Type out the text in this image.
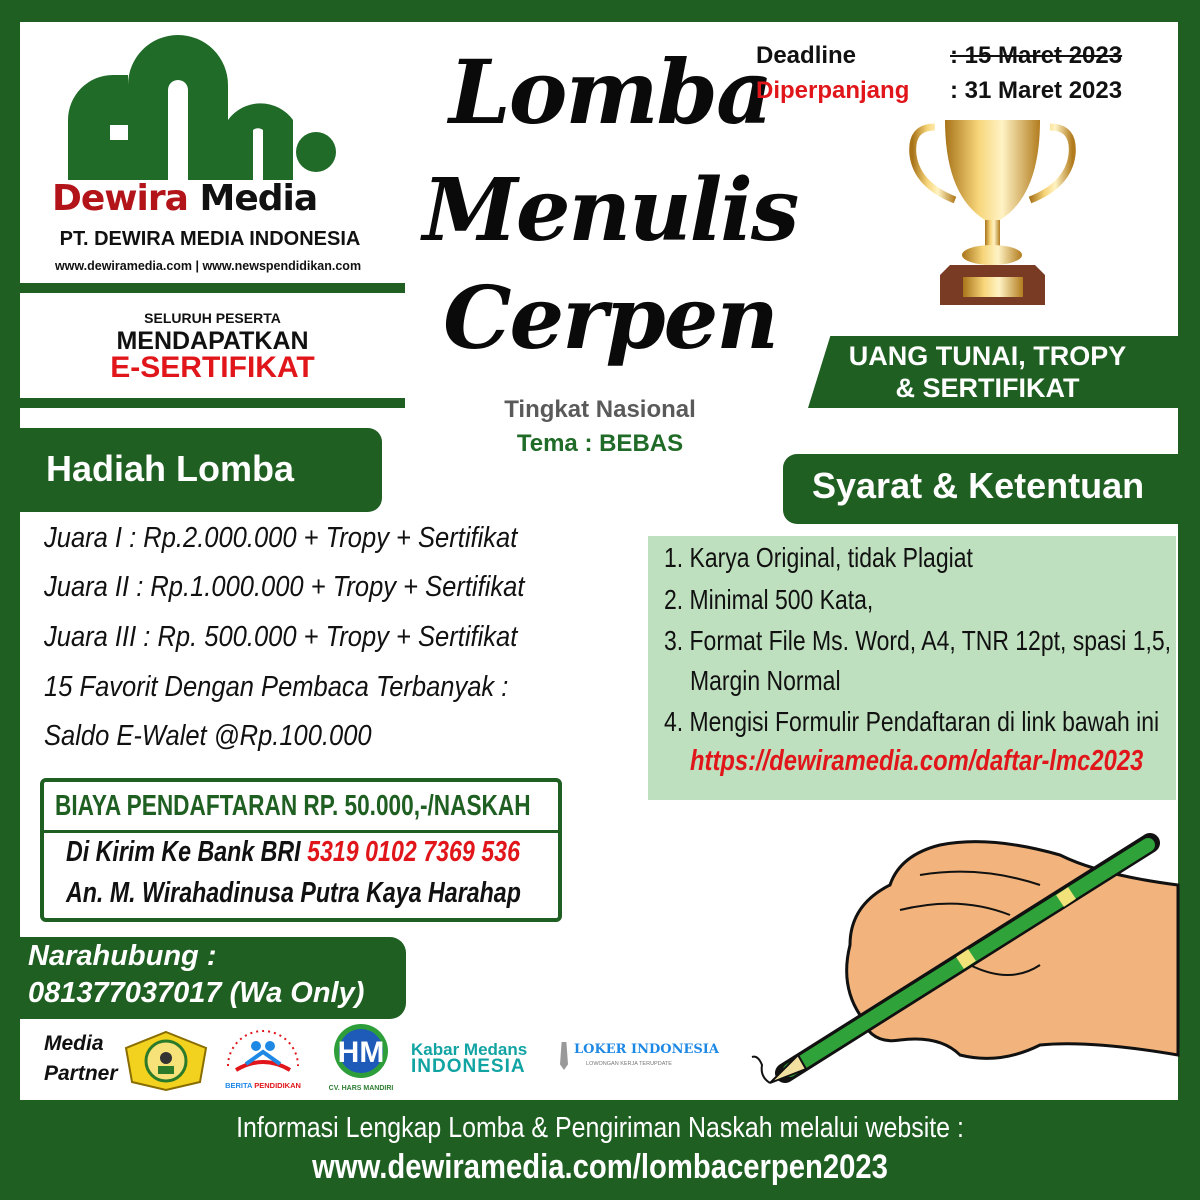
Dewira Media
PT. DEWIRA MEDIA INDONESIA
www.dewiramedia.com | www.newspendidikan.com
SELURUH PESERTA
MENDAPATKAN
E-SERTIFIKAT
Lomba
Menulis
Cerpen
Tingkat Nasional
Tema : BEBAS
Deadline	: 15 Maret 2023
Diperpanjang : 31 Maret 2023
UANG TUNAI, TROPY
& SERTIFIKAT
Hadiah Lomba	Syarat & Ketentuan
Juara I : Rp.2.000.000 + Tropy + Sertifikat
Juara II : Rp.1.000.000 + Tropy + Sertifikat
Juara III : Rp. 500.000 + Tropy + Sertifikat
15 Favorit Dengan Pembaca Terbanyak :
Saldo E-Walet @Rp.100.000
1. Karya Original, tidak Plagiat
2. Minimal 500 Kata,
3. Format File Ms. Word, A4, TNR 12pt, spasi 1,5,
Margin Normal
4. Mengisi Formulir Pendaftaran di link bawah ini
https://dewiramedia.com/daftar-lmc2023
BIAYA PENDAFTARAN RP. 50.000,-/NASKAH
Di Kirim Ke Bank BRI 5319 0102 7369 536
An. M. Wirahadinusa Putra Kaya Harahap
Narahubung :
081377037017 (Wa Only)
Media
Partner
BERITA PENDIDIKAN
HM
CV. HARS MANDIRI
Kabar Medans
INDONESIA
LOKER INDONESIA
LOWONGAN KERJA TERUPDATE
Informasi Lengkap Lomba & Pengiriman Naskah melalui website :
www.dewiramedia.com/lombacerpen2023
